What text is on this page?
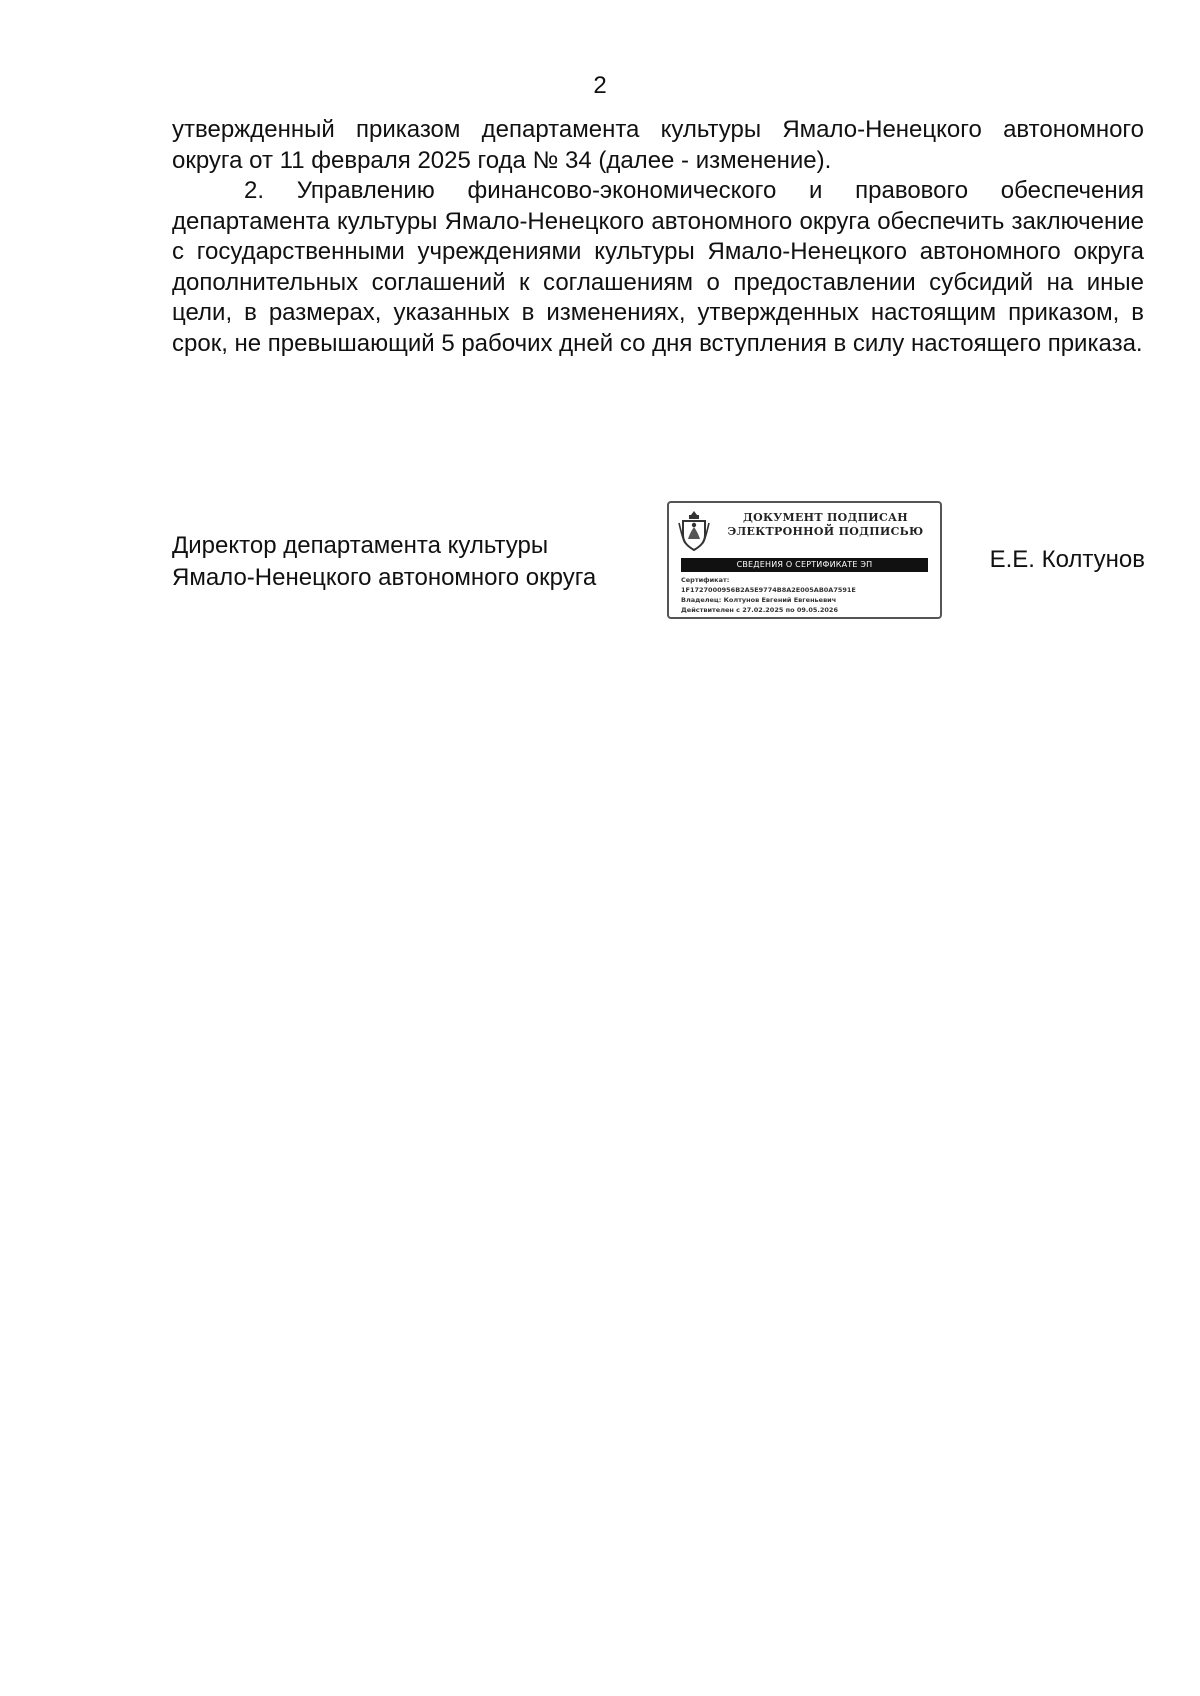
2

утвержденный приказом департамента культуры Ямало-Ненецкого автономного округа от 11 февраля 2025 года № 34 (далее - изменение).

2. Управлению финансово-экономического и правового обеспечения департамента культуры Ямало-Ненецкого автономного округа обеспечить заключение с государственными учреждениями культуры Ямало-Ненецкого автономного округа дополнительных соглашений к соглашениям о предоставлении субсидий на иные цели, в размерах, указанных в изменениях, утвержденных настоящим приказом, в срок, не превышающий 5 рабочих дней со дня вступления в силу настоящего приказа.

Директор департамента культуры
Ямало-Ненецкого автономного округа
ДОКУМЕНТ ПОДПИСАН
ЭЛЕКТРОННОЙ ПОДПИСЬЮ
СВЕДЕНИЯ О СЕРТИФИКАТЕ ЭП
Сертификат:
1F1727000956B2A5E9774B8A2E005AB0A7591E
Владелец: Колтунов Евгений Евгеньевич
Действителен с 27.02.2025 по 09.05.2026
Е.Е. Колтунов
